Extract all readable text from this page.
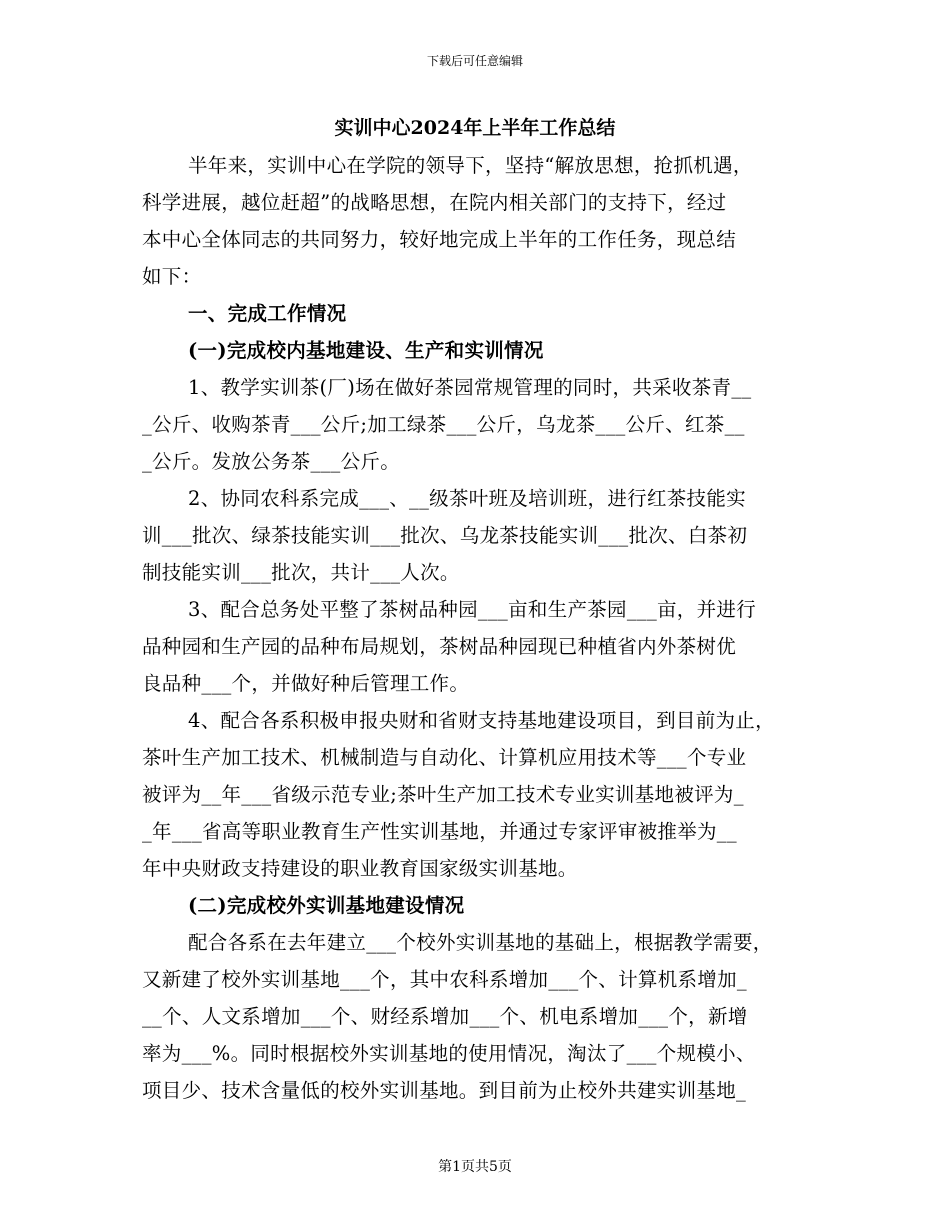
下载后可任意编辑
实训中心2024年上半年工作总结
半年来，实训中心在学院的领导下，坚持“解放思想，抢抓机遇，
科学进展，越位赶超”的战略思想，在院内相关部门的支持下，经过
本中心全体同志的共同努力，较好地完成上半年的工作任务，现总结
如下：
一、完成工作情况
(一)完成校内基地建设、生产和实训情况
1、教学实训茶(厂)场在做好茶园常规管理的同时，共采收茶青__
_公斤、收购茶青___公斤;加工绿茶___公斤，乌龙茶___公斤、红茶__
_公斤。发放公务茶___公斤。
2、协同农科系完成___、__级茶叶班及培训班，进行红茶技能实
训___批次、绿茶技能实训___批次、乌龙茶技能实训___批次、白茶初
制技能实训___批次，共计___人次。
3、配合总务处平整了茶树品种园___亩和生产茶园___亩，并进行
品种园和生产园的品种布局规划，茶树品种园现已种植省内外茶树优
良品种___个，并做好种后管理工作。
4、配合各系积极申报央财和省财支持基地建设项目，到目前为止，
茶叶生产加工技术、机械制造与自动化、计算机应用技术等___个专业
被评为__年___省级示范专业;茶叶生产加工技术专业实训基地被评为_
_年___省高等职业教育生产性实训基地，并通过专家评审被推举为__
年中央财政支持建设的职业教育国家级实训基地。
(二)完成校外实训基地建设情况
配合各系在去年建立___个校外实训基地的基础上，根据教学需要，
又新建了校外实训基地___个，其中农科系增加___个、计算机系增加_
__个、人文系增加___个、财经系增加___个、机电系增加___个，新增
率为___%。同时根据校外实训基地的使用情况，淘汰了___个规模小、
项目少、技术含量低的校外实训基地。到目前为止校外共建实训基地_
第1页共5页
